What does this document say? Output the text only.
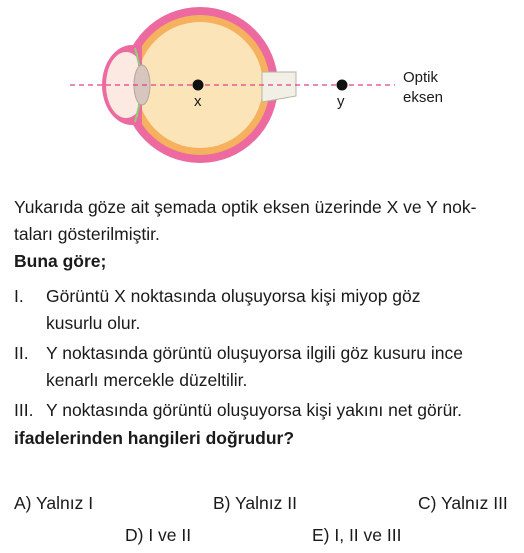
x	y
Optik
eksen

Yukarıda göze ait şemada optik eksen üzerinde X ve Y nok-

taları gösterilmiştir.

Buna göre;

I. Görüntü X noktasında oluşuyorsa kişi miyop göz
kusurlu olur.
II. Y noktasında görüntü oluşuyorsa ilgili göz kusuru ince
kenarlı mercekle düzeltilir.
III. Y noktasında görüntü oluşuyorsa kişi yakını net görür.
ifadelerinden hangileri doğrudur?
A) Yalnız I	B) Yalnız II	C) Yalnız III
D) I ve II	E) I, II ve III
